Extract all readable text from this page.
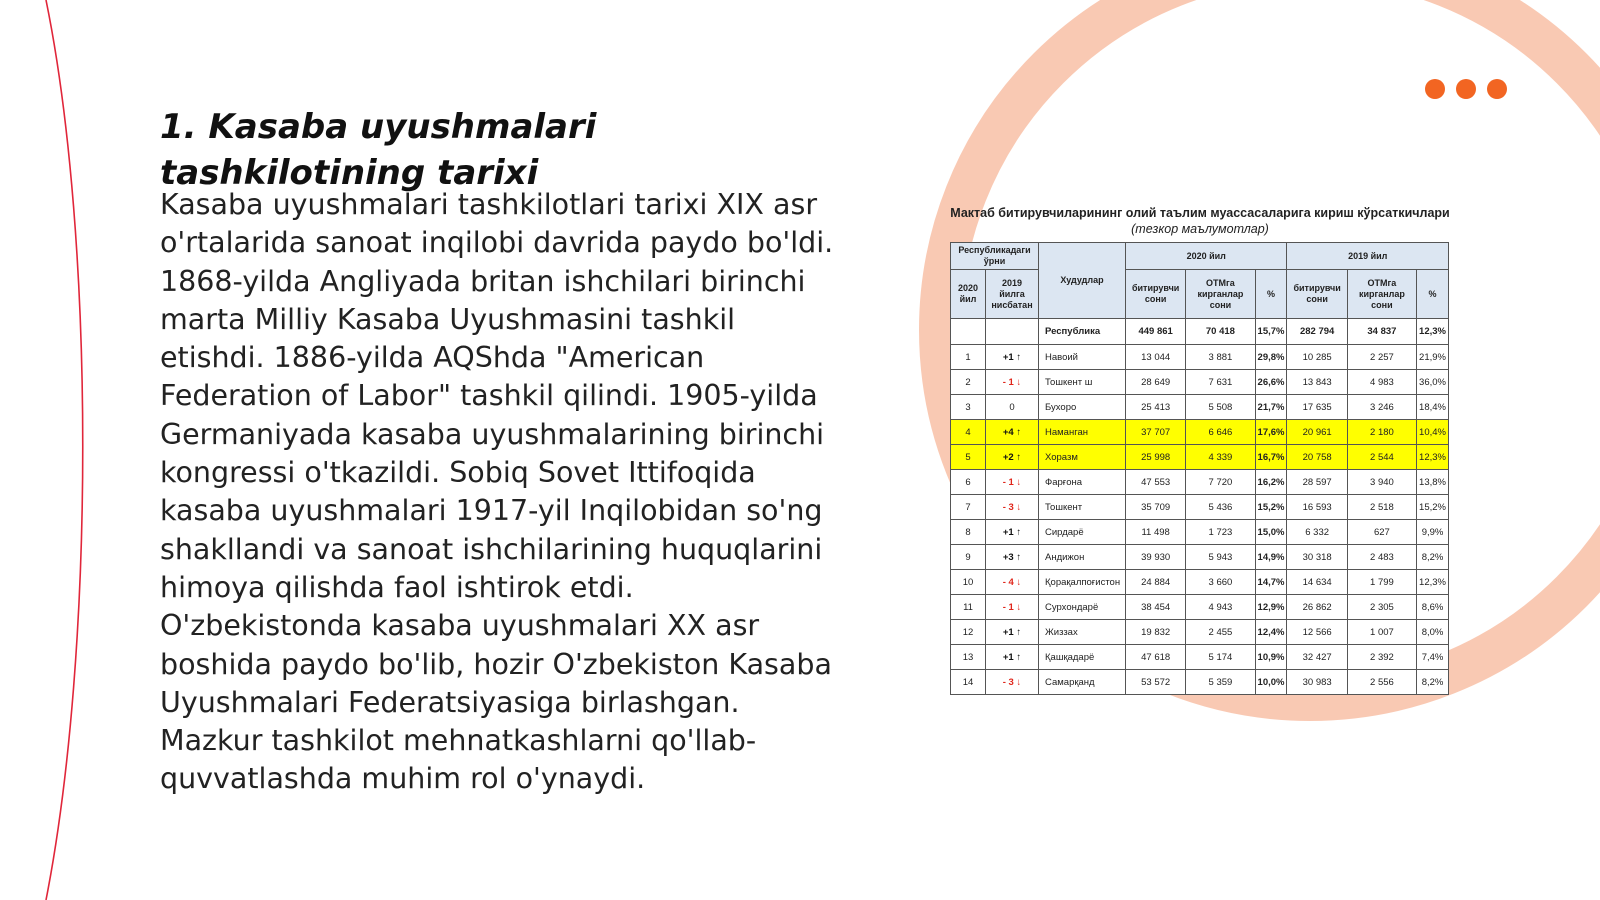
1. Kasaba uyushmalari tashkilotining tarixi

Kasaba uyushmalari tashkilotlari tarixi XIX asr o'rtalarida sanoat inqilobi davrida paydo bo'ldi. 1868-yilda Angliyada britan ishchilari birinchi marta Milliy Kasaba Uyushmasini tashkil etishdi. 1886-yilda AQShda "American Federation of Labor" tashkil qilindi. 1905-yilda Germaniyada kasaba uyushmalarining birinchi kongressi o'tkazildi. Sobiq Sovet Ittifoqida kasaba uyushmalari 1917-yil Inqilobidan so'ng shakllandi va sanoat ishchilarining huquqlarini himoya qilishda faol ishtirok etdi. O'zbekistonda kasaba uyushmalari XX asr boshida paydo bo'lib, hozir O'zbekiston Kasaba Uyushmalari Federatsiyasiga birlashgan. Mazkur tashkilot mehnatkashlarni qo'llab-quvvatlashda muhim rol o'ynaydi.

Мактаб битирувчиларининг олий таълим муассасаларига кириш кўрсаткичлари (тезкор маълумотлар)
Республикадаги ўрни		Худудлар	2020 йил			2019 йил		
2020 йил	2019 йилга нисбатан		битирувчи сони	ОТМга кирганлар сони	%	битирувчи сони	ОТМга кирганлар сони	%
		Республика	449 861	70 418	15,7%	282 794	34 837	12,3%
1	+1 ↑	Навоий	13 044	3 881	29,8%	10 285	2 257	21,9%
2	- 1 ↓	Тошкент ш	28 649	7 631	26,6%	13 843	4 983	36,0%
3	0	Бухоро	25 413	5 508	21,7%	17 635	3 246	18,4%
4	+4 ↑	Наманган	37 707	6 646	17,6%	20 961	2 180	10,4%
5	+2 ↑	Хоразм	25 998	4 339	16,7%	20 758	2 544	12,3%
6	- 1 ↓	Фарғона	47 553	7 720	16,2%	28 597	3 940	13,8%
7	- 3 ↓	Тошкент	35 709	5 436	15,2%	16 593	2 518	15,2%
8	+1 ↑	Сирдарё	11 498	1 723	15,0%	6 332	627	9,9%
9	+3 ↑	Андижон	39 930	5 943	14,9%	30 318	2 483	8,2%
10	- 4 ↓	Қорақалпоғистон	24 884	3 660	14,7%	14 634	1 799	12,3%
11	- 1 ↓	Сурхондарё	38 454	4 943	12,9%	26 862	2 305	8,6%
12	+1 ↑	Жиззах	19 832	2 455	12,4%	12 566	1 007	8,0%
13	+1 ↑	Қашқадарё	47 618	5 174	10,9%	32 427	2 392	7,4%
14	- 3 ↓	Самарқанд	53 572	5 359	10,0%	30 983	2 556	8,2%
